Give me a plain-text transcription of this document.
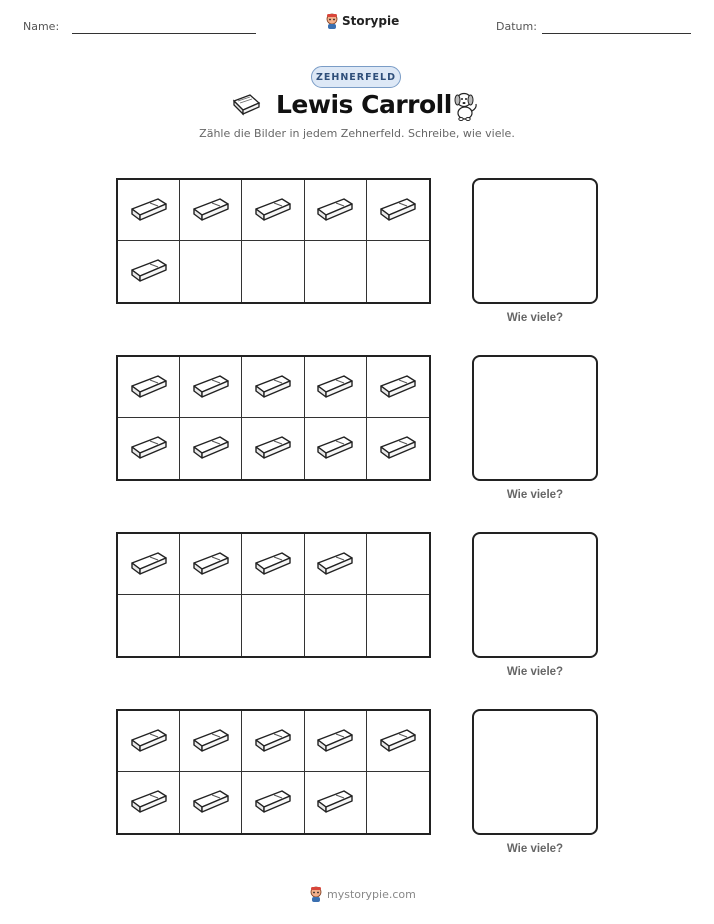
Name:	Storypie	Datum:
ZEHNERFELD
Lewis Carroll
Zähle die Bilder in jedem Zehnerfeld. Schreibe, wie viele.
Wie viele?
Wie viele?
Wie viele?
Wie viele?
mystorypie.com
